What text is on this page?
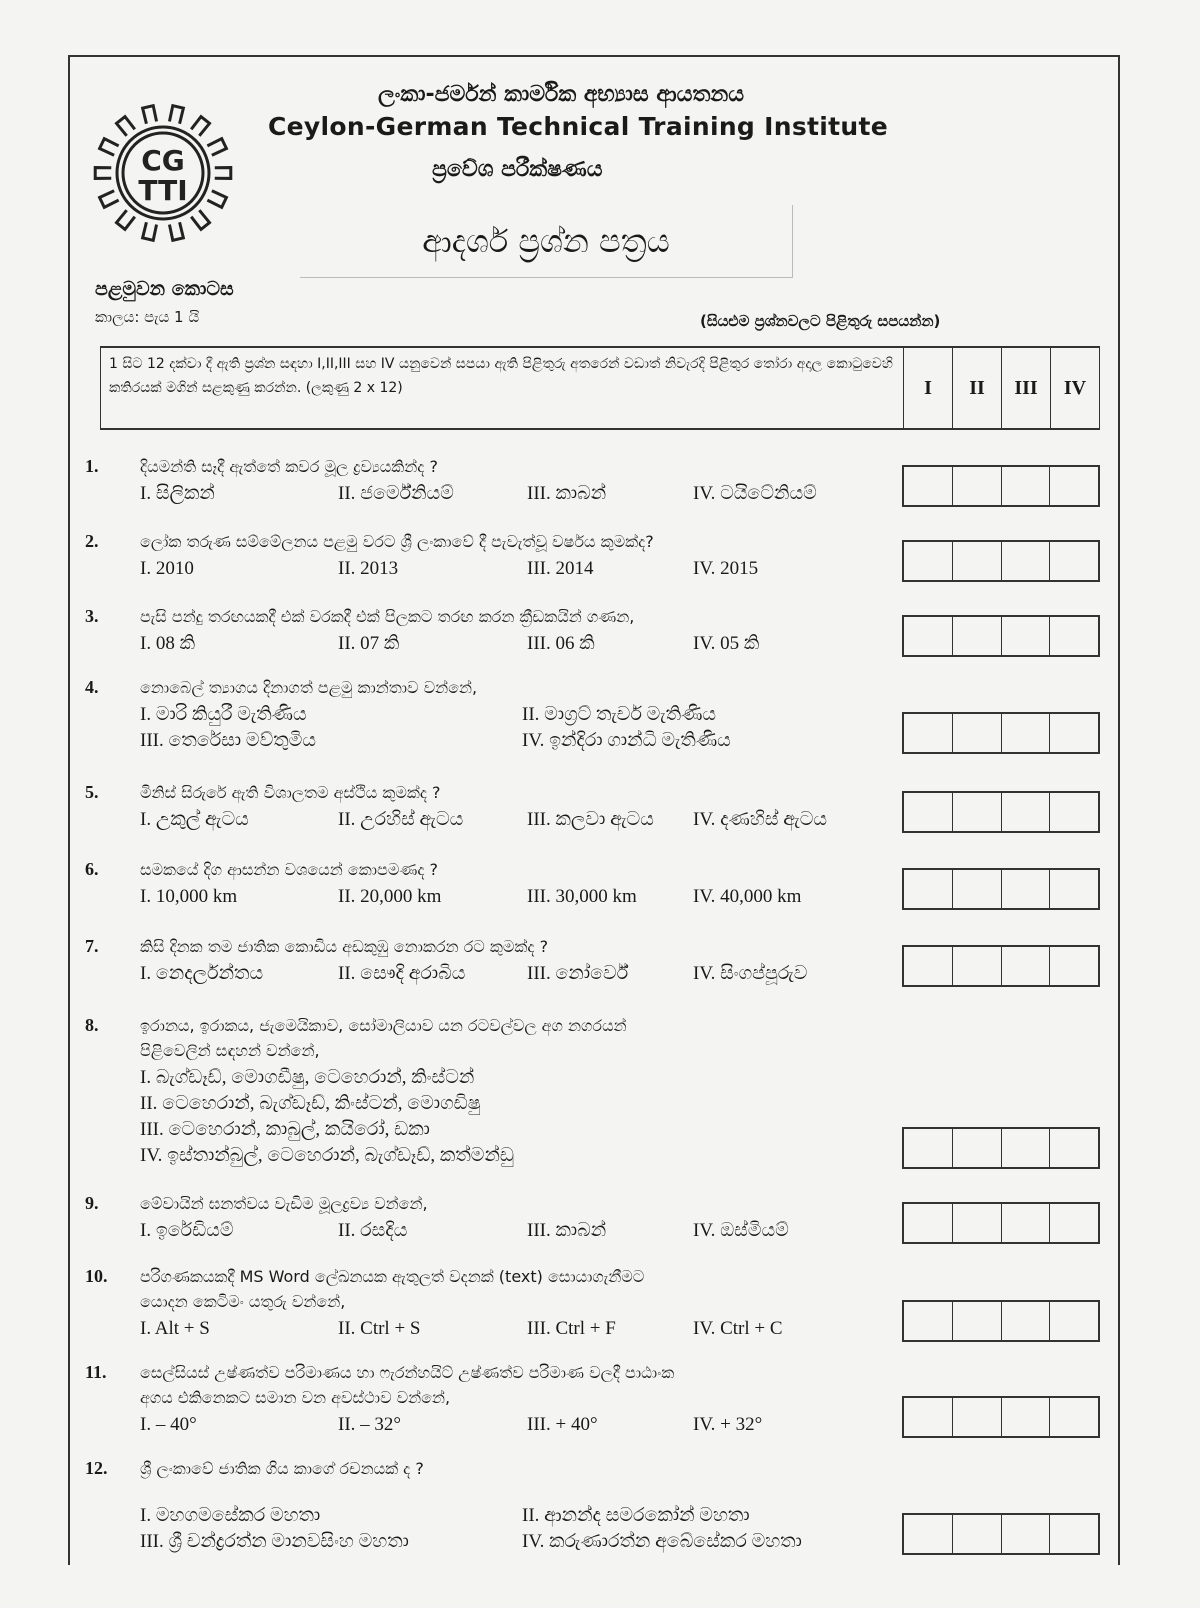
CG
TTI
ලංකා-ජර්මන් කාර්මික අභ්‍යාස ආයතනය
Ceylon-German Technical Training Institute
ප්‍රවේශ පරීක්ෂණය
ආදර්ශ ප්‍රශ්න පත්‍රය
පළමුවන කොටස
කාලය: පැය 1 යි	(සියළුම ප්‍රශ්නවලට පිළිතුරු සපයන්න)
1 සිට 12 දක්වා දී ඇති ප්‍රශ්න සඳහා I,II,III සහ IV යනුවෙන් සපයා ඇති පිළිතුරු අතරෙන් වඩාත් නිවැරදි පිළිතුර තෝරා අදාල කොටුවෙහි කතිරයක් මගින් සළකුණු කරන්න. (ලකුණු 2 x 12)	I	II	III	IV
1.	දියමන්ති සෑදී ඇත්තේ කවර මූල ද්‍රව්‍යයකින්ද ?
I. සිලිකන්	II. ජර්මේනියම්	III. කාබන්	IV. ටයිටේනියම්
2.	ලෝක තරුණ සම්මේලනය පළමු වරට ශ්‍රී ලංකාවේ දී පැවැත්වූ වර්ෂය කුමක්ද?
I. 2010	II. 2013	III. 2014	IV. 2015
3.	පැසි පන්දු තරඟයකදී එක් වරකදී එක් පිලකට තරඟ කරන ක්‍රීඩකයින් ගණන,
I. 08 කි	II. 07 කි	III. 06 කි	IV. 05 කි
4.	නොබෙල් ත්‍යාගය දිනාගත් පළමු කාන්තාව වන්නේ,
I. මාරි කියුරී මැතිණිය	II. මාග්‍රට් තැචර් මැතිණිය
III. තෙරේසා මව්තුමිය	IV. ඉන්දිරා ගාන්ධි මැතිණිය
5.	මිනිස් සිරුරේ ඇති විශාලතම අස්ථිය කුමක්ද ?
I. උකුල් ඇටය	II. උරහිස් ඇටය	III. කලවා ඇටය	IV. දණහිස් ඇටය
6.	සමකයේ දිග ආසන්න වශයෙන් කොපමණද ?
I. 10,000 km	II. 20,000 km	III. 30,000 km	IV. 40,000 km
7.	කිසි දිනක තම ජාතික කොඩිය අඩකුඹු නොකරන රට කුමක්ද ?
I. නෙදර්ලන්තය	II. සෞදි අරාබිය	III. නෝර්වේ	IV. සිංගප්පූරුව
8.	ඉරානය, ඉරාකය, ජැමෙයිකාව, සෝමාලියාව යන රටවල්වල අග නගරයන්
පිළිවෙලින් සඳහන් වන්නේ,
I. බැග්ඩෑඩ්, මොගඩීෂු, ටෙහෙරාන්, කිංස්ටන්
II. ටෙහෙරාන්, බැග්ඩෑඩ්, කිංස්ටන්, මොගඩිෂු
III. ටෙහෙරාන්, කාබුල්, කයිරෝ, ඩකා
IV. ඉස්තාන්බුල්, ටෙහෙරාන්, බැග්ඩෑඩ්, කත්මන්ඩු
9.	මේවායින් ඝනත්වය වැඩිම මූලද්‍රව්‍ය වන්නේ,
I. ඉරේඩියම්	II. රසදිය	III. කාබන්	IV. ඔස්මියම්
10.	පරිගණකයකදී MS Word ලේඛනයක ඇතුලත් වදනක් (text) සොයාගැනීමට
යොදන කෙටිමං යතුරු වන්නේ,
I. Alt + S	II. Ctrl + S	III. Ctrl + F	IV. Ctrl + C
11.	සෙල්සියස් උෂ්ණත්ව පරිමාණය හා ෆැරන්හයිට් උෂ්ණත්ව පරිමාණ වලදී පාඨාංක
අගය එකිනෙකට සමාන වන අවස්ථාව වන්නේ,
I. – 40°	II. – 32°	III. + 40°	IV. + 32°
12.	ශ්‍රී ලංකාවේ ජාතික ගිය කාගේ රචනයක් ද ?
I. මහගමසේකර මහතා	II. ආනන්ද සමරකෝන් මහතා
III. ශ්‍රී චන්ද්‍රරත්න මානවසිංහ මහතා	IV. කරුණාරත්න අබේසේකර මහතා
